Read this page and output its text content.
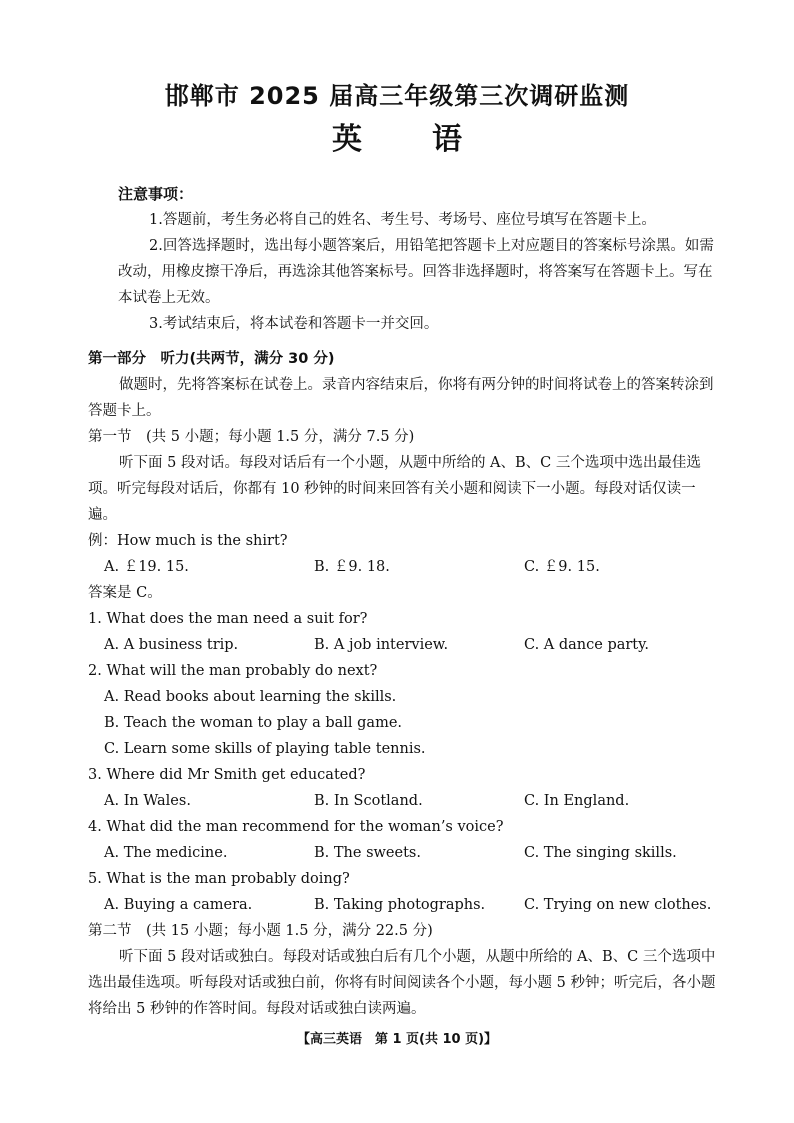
邯郸市 2025 届高三年级第三次调研监测
英语

注意事项：

1.答题前，考生务必将自己的姓名、考生号、考场号、座位号填写在答题卡上。

2.回答选择题时，选出每小题答案后，用铅笔把答题卡上对应题目的答案标号涂黑。如需改动，用橡皮擦干净后，再选涂其他答案标号。回答非选择题时，将答案写在答题卡上。写在本试卷上无效。

3.考试结束后，将本试卷和答题卡一并交回。

第一部分　听力(共两节，满分 30 分)

做题时，先将答案标在试卷上。录音内容结束后，你将有两分钟的时间将试卷上的答案转涂到答题卡上。

第一节　(共 5 小题；每小题 1.5 分，满分 7.5 分)

听下面 5 段对话。每段对话后有一个小题，从题中所给的 A、B、C 三个选项中选出最佳选项。听完每段对话后，你都有 10 秒钟的时间来回答有关小题和阅读下一小题。每段对话仅读一遍。

例：How much is the shirt?

A. ￡19. 15.	B. ￡9. 18.	C. ￡9. 15.

答案是 C。

1. What does the man need a suit for?

A. A business trip.	B. A job interview.	C. A dance party.

2. What will the man probably do next?

A. Read books about learning the skills.

B. Teach the woman to play a ball game.

C. Learn some skills of playing table tennis.

3. Where did Mr Smith get educated?

A. In Wales.	B. In Scotland.	C. In England.

4. What did the man recommend for the woman’s voice?

A. The medicine.	B. The sweets.	C. The singing skills.

5. What is the man probably doing?

A. Buying a camera.	B. Taking photographs.	C. Trying on new clothes.

第二节　(共 15 小题；每小题 1.5 分，满分 22.5 分)

听下面 5 段对话或独白。每段对话或独白后有几个小题，从题中所给的 A、B、C 三个选项中选出最佳选项。听每段对话或独白前，你将有时间阅读各个小题，每小题 5 秒钟；听完后，各小题将给出 5 秒钟的作答时间。每段对话或独白读两遍。

【高三英语　第 1 页(共 10 页)】
